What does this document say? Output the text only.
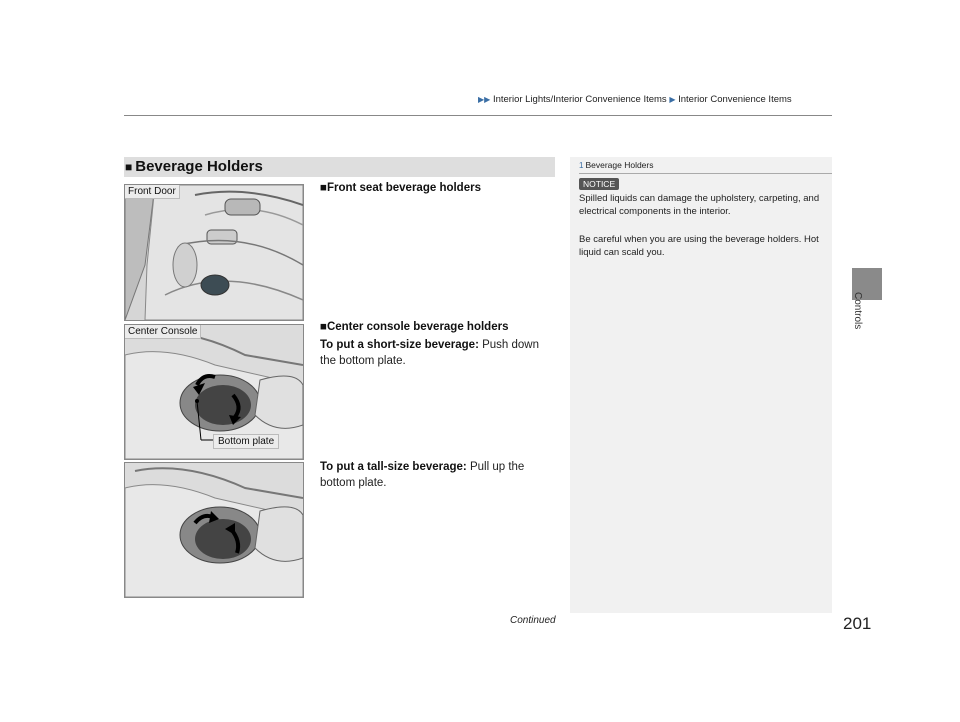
▶▶ Interior Lights/Interior Convenience Items ▶ Interior Convenience Items
Controls
■ Beverage Holders
Front Door
Center Console
Bottom plate
■Front seat beverage holders
■Center console beverage holders
To put a short-size beverage: Push down the bottom plate.
To put a tall-size beverage: Pull up the bottom plate.
1 Beverage Holders
NOTICE
Spilled liquids can damage the upholstery, carpeting, and electrical components in the interior.
Be careful when you are using the beverage holders. Hot liquid can scald you.
Continued	201
